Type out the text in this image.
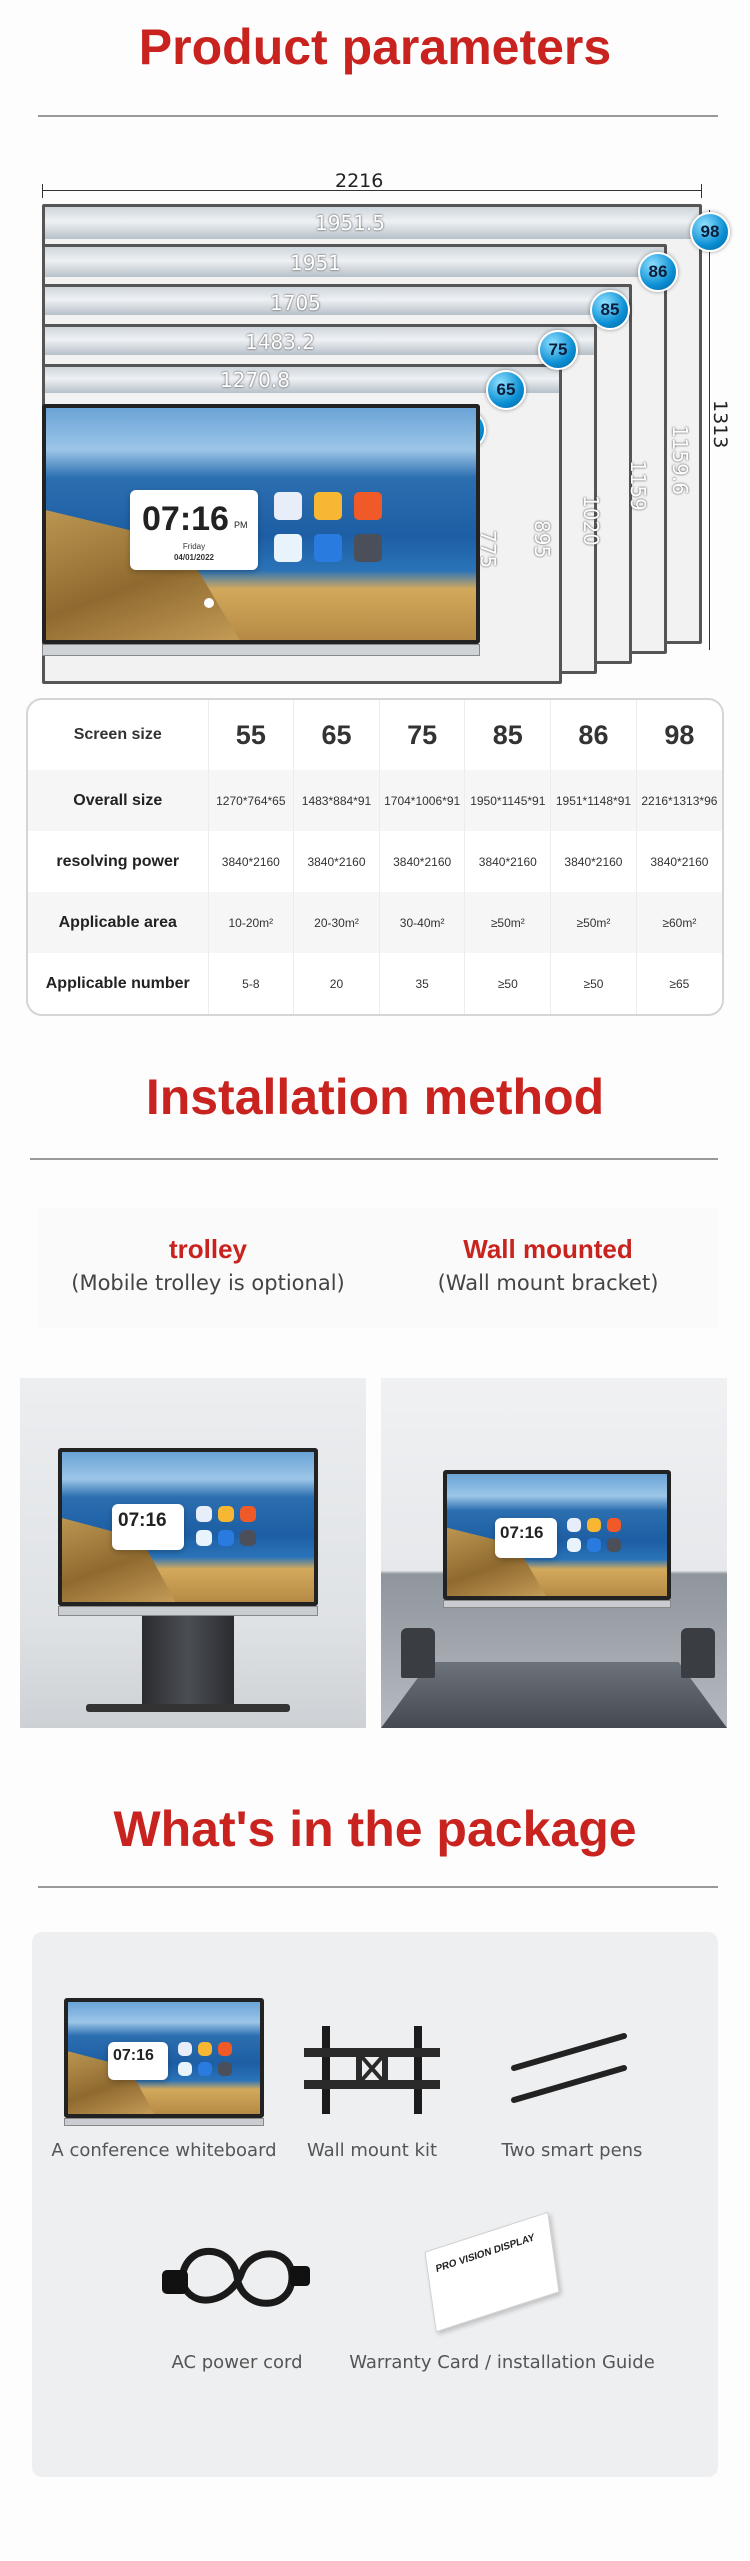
Product parameters
2216
1313
1951.5
1951
1705
1483.2
1270.8
775 895 1020
1159 1159.6
98
86
85
75
65
07:16 PM
Friday
04/01/2022
Screen size	55	65	75	85	86	98
Overall size	1270*764*65	1483*884*91	1704*1006*91	1950*1145*91	1951*1148*91	2216*1313*96
resolving power	3840*2160	3840*2160	3840*2160	3840*2160	3840*2160	3840*2160
Applicable area	10-20m²	20-30m²	30-40m²	≥50m²	≥50m²	≥60m²
Applicable number	5-8	20	35	≥50	≥50	≥65
Installation method
trolley
(Mobile trolley is optional)
Wall mounted
(Wall mount bracket)
07:16
07:16
What's in the package
07:16
A conference whiteboard	Wall mount kit	Two smart pens
AC power cord
PRO VISION DISPLAY
Warranty Card / installation Guide
